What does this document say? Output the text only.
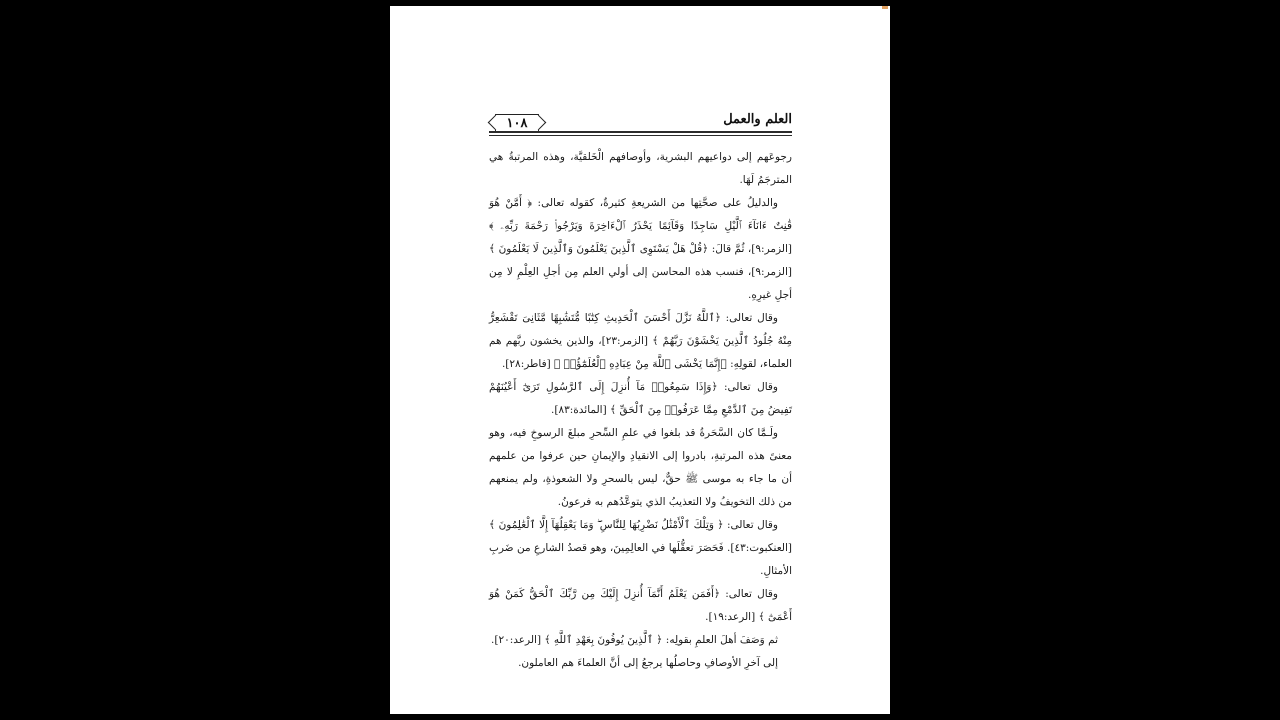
١٠٨	العلم والعمل

رجوعَهم إلى دواعيهم البشرية، وأوصافهم الْخَلقيَّة، وهذه المرتبةُ هي المترجَمُ لَهَا.

والدليلُ على صحَّتِها من الشريعةِ كثيرةٌ، كقوله تعالى: ﴿ أَمَّنْ هُوَ قَٰنِتٌ ءَانَآءَ ٱلَّيْلِ سَاجِدًا وَقَآئِمًا يَحْذَرُ ٱلْءَاخِرَةَ وَيَرْجُوا۟ رَحْمَةَ رَبِّهِۦ ﴾ [الزمر:٩]، ثُمَّ قالَ: ﴿قُلْ هَلْ يَسْتَوِى ٱلَّذِينَ يَعْلَمُونَ وَٱلَّذِينَ لَا يَعْلَمُونَ ﴾ [الزمر:٩]، فنسب هذه المحاسن إلى أولي العلم مِن أجلِ العِلْمِ لا مِن أجلِ غيرِهِ.

وقال تعالى: ﴿ٱللَّهُ نَزَّلَ أَحْسَنَ ٱلْحَدِيثِ كِتَٰبًا مُّتَشَٰبِهًا مَّثَانِىَ تَقْشَعِرُّ مِنْهُ جُلُودُ ٱلَّذِينَ يَخْشَوْنَ رَبَّهُمْ ﴾ [الزمر:٢٣]، والذين يخشون ربَّهم هم العلماء، لقولِهِ: ﴿إِنَّمَا يَخْشَى ٱللَّهَ مِنْ عِبَادِهِ ٱلْعُلَمَٰٓؤُا۟ ﴾ [فاطر:٢٨].

وقال تعالى: ﴿وَإِذَا سَمِعُوا۟ مَآ أُنزِلَ إِلَى ٱلرَّسُولِ تَرَىٰٓ أَعْيُنَهُمْ تَفِيضُ مِنَ ٱلدَّمْعِ مِمَّا عَرَفُوا۟ مِنَ ٱلْحَقِّ ﴾ [المائدة:٨٣].

ولَـمَّا كان السَّحَرةُ قد بلغوا في علمِ السِّحرِ مبلغَ الرسوخِ فيه، وهو معنىً هذه المرتبةِ، بادروا إلى الانقيادِ والإيمانِ حين عرفوا من علمهم أن ما جاء به موسى ﷺ حقٌّ، ليس بالسحرِ ولا الشعوذةِ، ولم يمنعهم من ذلك التخويفُ ولا التعذيبُ الذي يتوعَّدُهم به فرعونُ.

وقال تعالى: ﴿ وَتِلْكَ ٱلْأَمْثَٰلُ نَضْرِبُهَا لِلنَّاسِ ۖ وَمَا يَعْقِلُهَآ إِلَّا ٱلْعَٰلِمُونَ ﴾ [العنكبوت:٤٣]. فَحَصَرَ تعقُّلَها في العالِمِينَ، وهو قصدُ الشارعِ من ضَربِ الأمثالِ.

وقال تعالى: ﴿أَفَمَن يَعْلَمُ أَنَّمَآ أُنزِلَ إِلَيْكَ مِن رَّبِّكَ ٱلْحَقُّ كَمَنْ هُوَ أَعْمَىٰٓ ﴾ [الرعد:١٩].

ثم وَصَفَ أهلَ العلمِ بقولِه: ﴿ ٱلَّذِينَ يُوفُونَ بِعَهْدِ ٱللَّهِ ﴾ [الرعد:٢٠].

إلى آخرِ الأوصافِ وحاصلُها يرجعُ إلى أنَّ العلماءَ هم العاملون.
